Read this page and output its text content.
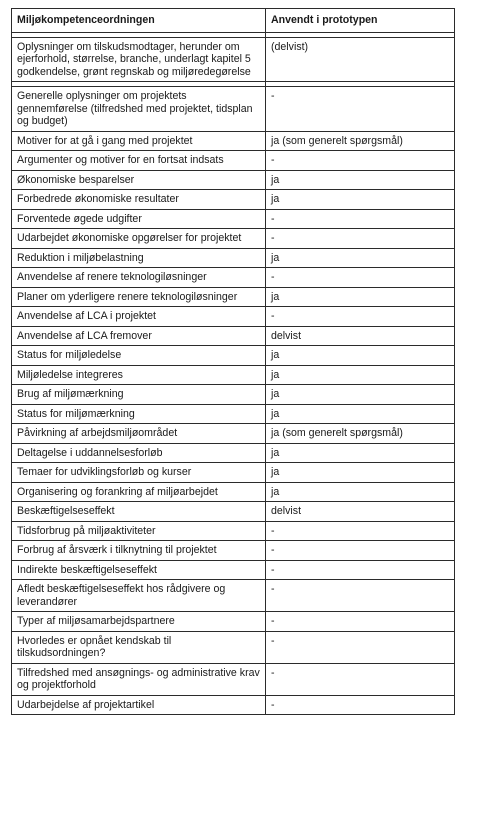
Miljøkompetenceordningen	Anvendt i prototypen

Oplysninger om tilskudsmodtager, herunder om ejerforhold, størrelse, branche, underlagt kapitel 5 godkendelse, grønt regnskab og miljøredegørelse	(delvist)

Generelle oplysninger om projektets gennemførelse (tilfredshed med projektet, tidsplan og budget)	-
Motiver for at gå i gang med projektet	ja (som generelt spørgsmål)
Argumenter og motiver for en fortsat indsats	-
Økonomiske besparelser	ja
Forbedrede økonomiske resultater	ja
Forventede øgede udgifter	-
Udarbejdet økonomiske opgørelser for projektet	-
Reduktion i miljøbelastning	ja
Anvendelse af renere teknologiløsninger	-
Planer om yderligere renere teknologiløsninger	ja
Anvendelse af LCA i projektet	-
Anvendelse af LCA fremover	delvist
Status for miljøledelse	ja
Miljøledelse integreres	ja
Brug af miljømærkning	ja
Status for miljømærkning	ja
Påvirkning af arbejdsmiljøområdet	ja (som generelt spørgsmål)
Deltagelse i uddannelsesforløb	ja
Temaer for udviklingsforløb og kurser	ja
Organisering og forankring af miljøarbejdet	ja
Beskæftigelseseffekt	delvist
Tidsforbrug på miljøaktiviteter	-
Forbrug af årsværk i tilknytning til projektet	-
Indirekte beskæftigelseseffekt	-
Afledt beskæftigelseseffekt hos rådgivere og leverandører	-
Typer af miljøsamarbejdspartnere	-
Hvorledes er opnået kendskab til tilskudsordningen?	-
Tilfredshed med ansøgnings- og administrative krav og projektforhold	-
Udarbejdelse af projektartikel	-
